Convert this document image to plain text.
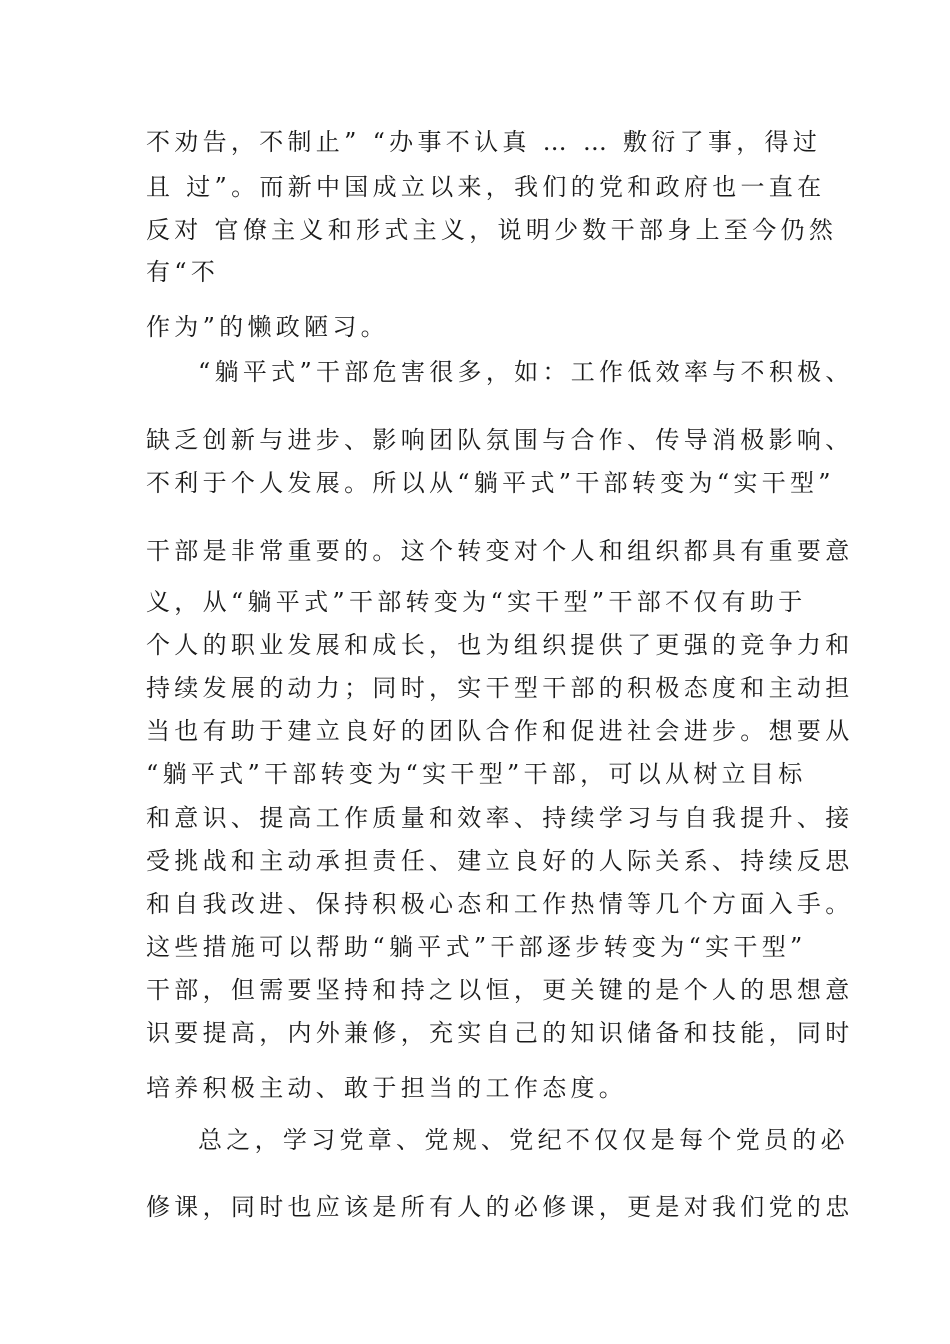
不劝告，不制止” “办事不认真 … … 敷衍了事，得过
且 过”。而新中国成立以来，我们的党和政府也一直在
反对 官僚主义和形式主义，说明少数干部身上至今仍然
有“不
作为”的懒政陋习。
“躺平式”干部危害很多，如：工作低效率与不积极、
缺乏创新与进步、影响团队氛围与合作、传导消极影响、
不利于个人发展。所以从“躺平式”干部转变为“实干型”
干部是非常重要的。这个转变对个人和组织都具有重要意
义，从“躺平式”干部转变为“实干型”干部不仅有助于
个人的职业发展和成长，也为组织提供了更强的竞争力和
持续发展的动力；同时，实干型干部的积极态度和主动担
当也有助于建立良好的团队合作和促进社会进步。想要从
“躺平式”干部转变为“实干型”干部，可以从树立目标
和意识、提高工作质量和效率、持续学习与自我提升、接
受挑战和主动承担责任、建立良好的人际关系、持续反思
和自我改进、保持积极心态和工作热情等几个方面入手。
这些措施可以帮助“躺平式”干部逐步转变为“实干型”
干部，但需要坚持和持之以恒，更关键的是个人的思想意
识要提高，内外兼修，充实自己的知识储备和技能，同时
培养积极主动、敢于担当的工作态度。
总之，学习党章、党规、党纪不仅仅是每个党员的必
修课，同时也应该是所有人的必修课，更是对我们党的忠
